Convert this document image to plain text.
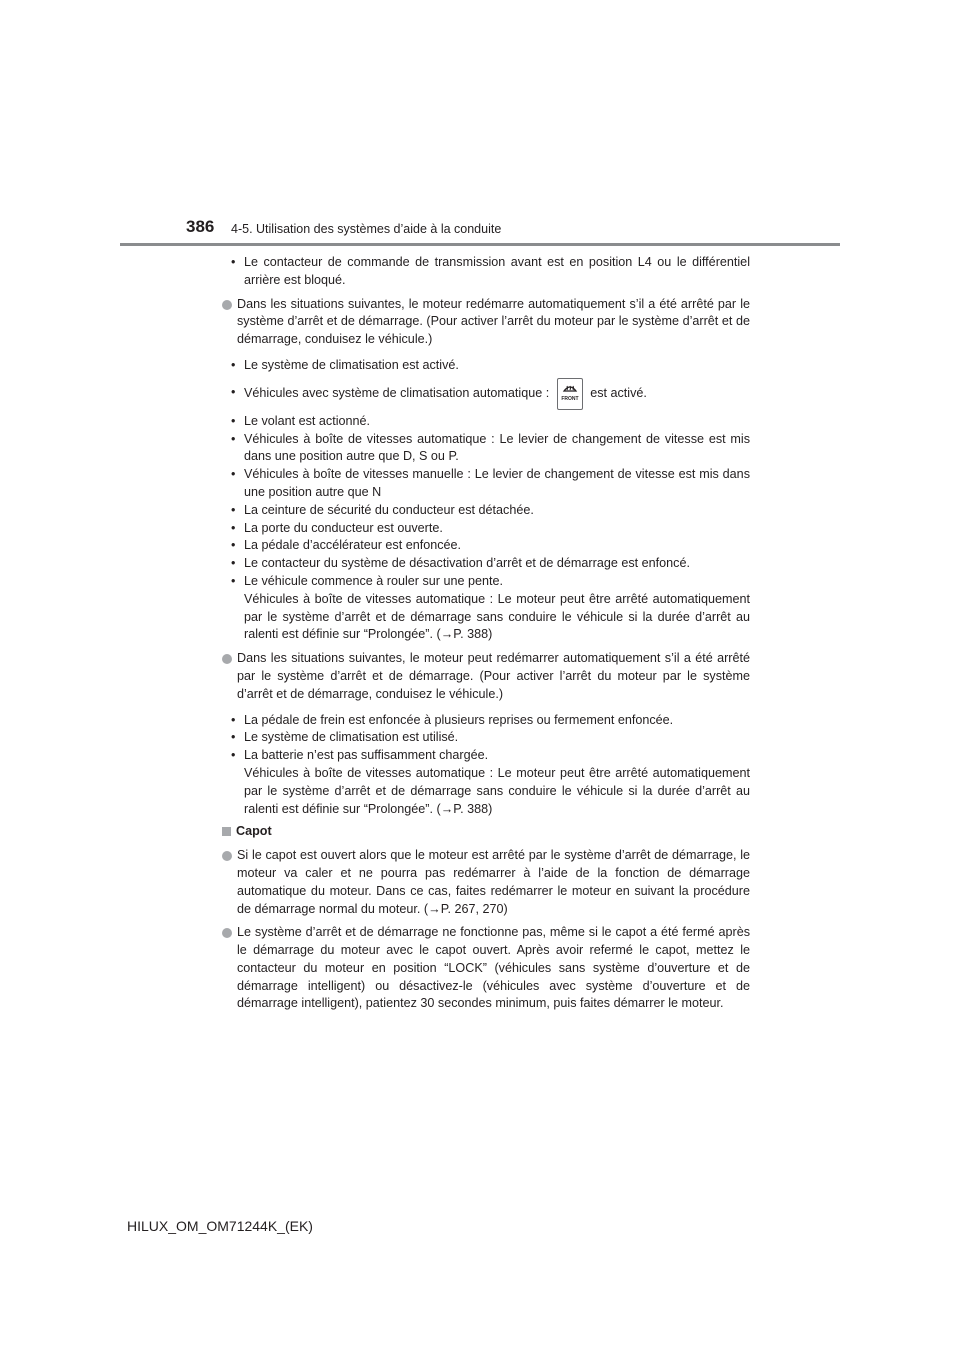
386 4-5. Utilisation des systèmes d’aide à la conduite
• Le contacteur de commande de transmission avant est en position L4 ou le différentiel arrière est bloqué.
Dans les situations suivantes, le moteur redémarre automatiquement s’il a été arrêté par le système d’arrêt et de démarrage. (Pour activer l’arrêt du moteur par le système d’arrêt et de démarrage, conduisez le véhicule.)
• Le système de climatisation est activé.
• Véhicules avec système de climatisation automatique : FRONT est activé.
• Le volant est actionné.
• Véhicules à boîte de vitesses automatique : Le levier de changement de vitesse est mis dans une position autre que D, S ou P.
• Véhicules à boîte de vitesses manuelle : Le levier de changement de vitesse est mis dans une position autre que N
• La ceinture de sécurité du conducteur est détachée.
• La porte du conducteur est ouverte.
• La pédale d’accélérateur est enfoncée.
• Le contacteur du système de désactivation d’arrêt et de démarrage est enfoncé.
• Le véhicule commence à rouler sur une pente.
Véhicules à boîte de vitesses automatique : Le moteur peut être arrêté automatiquement par le système d’arrêt et de démarrage sans conduire le véhicule si la durée d’arrêt au ralenti est définie sur “Prolongée”. (→P. 388)
Dans les situations suivantes, le moteur peut redémarrer automatiquement s’il a été arrêté par le système d’arrêt et de démarrage. (Pour activer l’arrêt du moteur par le système d’arrêt et de démarrage, conduisez le véhicule.)
• La pédale de frein est enfoncée à plusieurs reprises ou fermement enfoncée.
• Le système de climatisation est utilisé.
• La batterie n’est pas suffisamment chargée.
Véhicules à boîte de vitesses automatique : Le moteur peut être arrêté automatiquement par le système d’arrêt et de démarrage sans conduire le véhicule si la durée d’arrêt au ralenti est définie sur “Prolongée”. (→P. 388)
Capot
Si le capot est ouvert alors que le moteur est arrêté par le système d’arrêt de démarrage, le moteur va caler et ne pourra pas redémarrer à l’aide de la fonction de démarrage automatique du moteur. Dans ce cas, faites redémarrer le moteur en suivant la procédure de démarrage normal du moteur. (→P. 267, 270)
Le système d’arrêt et de démarrage ne fonctionne pas, même si le capot a été fermé après le démarrage du moteur avec le capot ouvert. Après avoir refermé le capot, mettez le contacteur du moteur en position “LOCK” (véhicules sans système d’ouverture et de démarrage intelligent) ou désactivez-le (véhicules avec système d’ouverture et de démarrage intelligent), patientez 30 secondes minimum, puis faites démarrer le moteur.
HILUX_OM_OM71244K_(EK)
